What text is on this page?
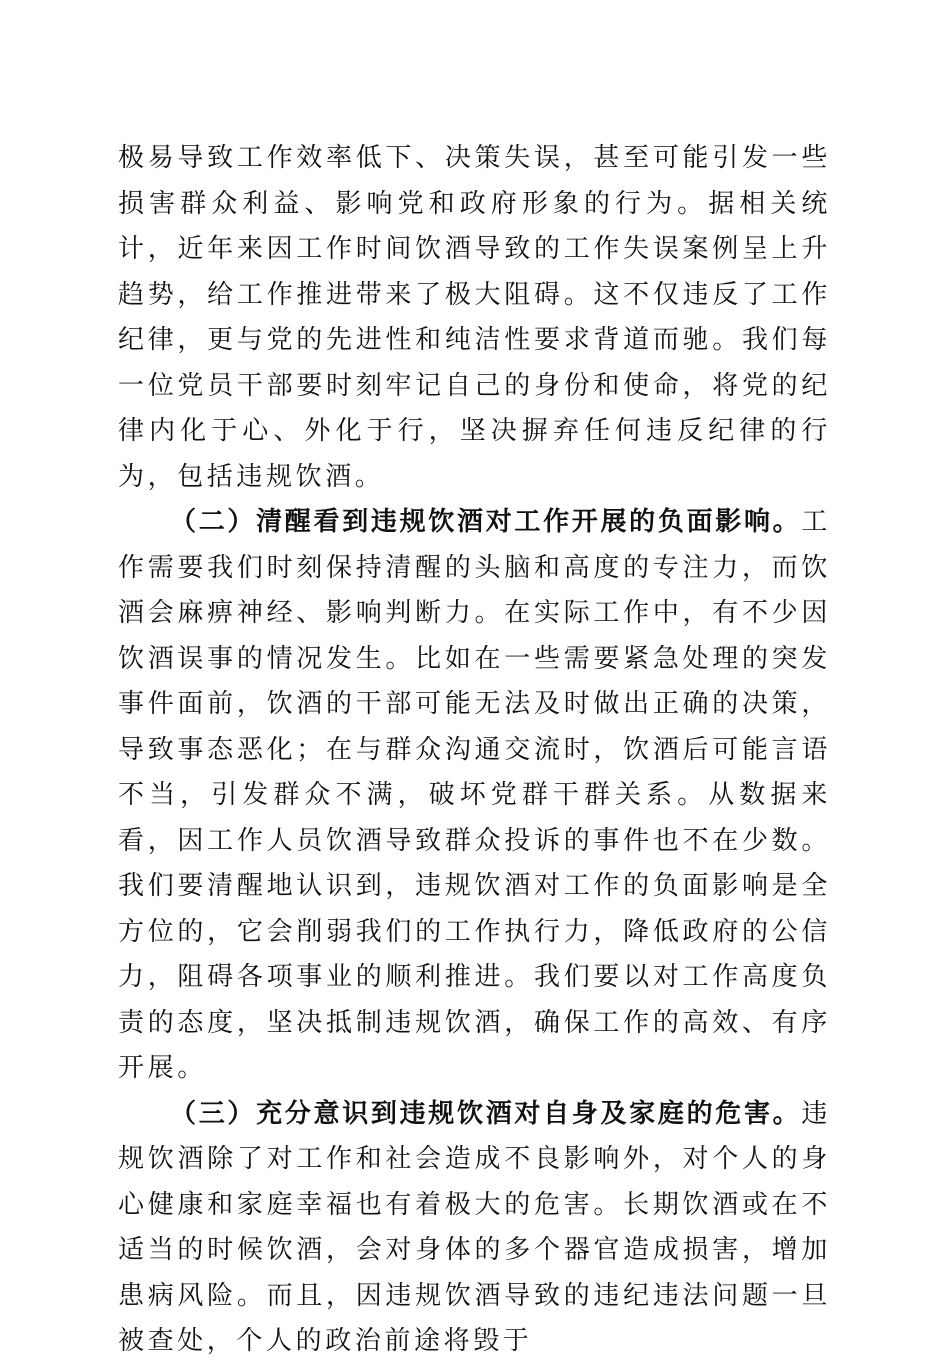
极易导致工作效率低下、决策失误，甚至可能引发一些损害群众利益、影响党和政府形象的行为。据相关统计，近年来因工作时间饮酒导致的工作失误案例呈上升趋势，给工作推进带来了极大阻碍。这不仅违反了工作纪律，更与党的先进性和纯洁性要求背道而驰。我们每一位党员干部要时刻牢记自己的身份和使命，将党的纪律内化于心、外化于行，坚决摒弃任何违反纪律的行为，包括违规饮酒。

（二）清醒看到违规饮酒对工作开展的负面影响。工作需要我们时刻保持清醒的头脑和高度的专注力，而饮酒会麻痹神经、影响判断力。在实际工作中，有不少因饮酒误事的情况发生。比如在一些需要紧急处理的突发事件面前，饮酒的干部可能无法及时做出正确的决策，导致事态恶化；在与群众沟通交流时，饮酒后可能言语不当，引发群众不满，破坏党群干群关系。从数据来看，因工作人员饮酒导致群众投诉的事件也不在少数。我们要清醒地认识到，违规饮酒对工作的负面影响是全方位的，它会削弱我们的工作执行力，降低政府的公信力，阻碍各项事业的顺利推进。我们要以对工作高度负责的态度，坚决抵制违规饮酒，确保工作的高效、有序开展。

（三）充分意识到违规饮酒对自身及家庭的危害。违规饮酒除了对工作和社会造成不良影响外，对个人的身心健康和家庭幸福也有着极大的危害。长期饮酒或在不适当的时候饮酒，会对身体的多个器官造成损害，增加患病风险。而且，因违规饮酒导致的违纪违法问题一旦被查处，个人的政治前途将毁于
